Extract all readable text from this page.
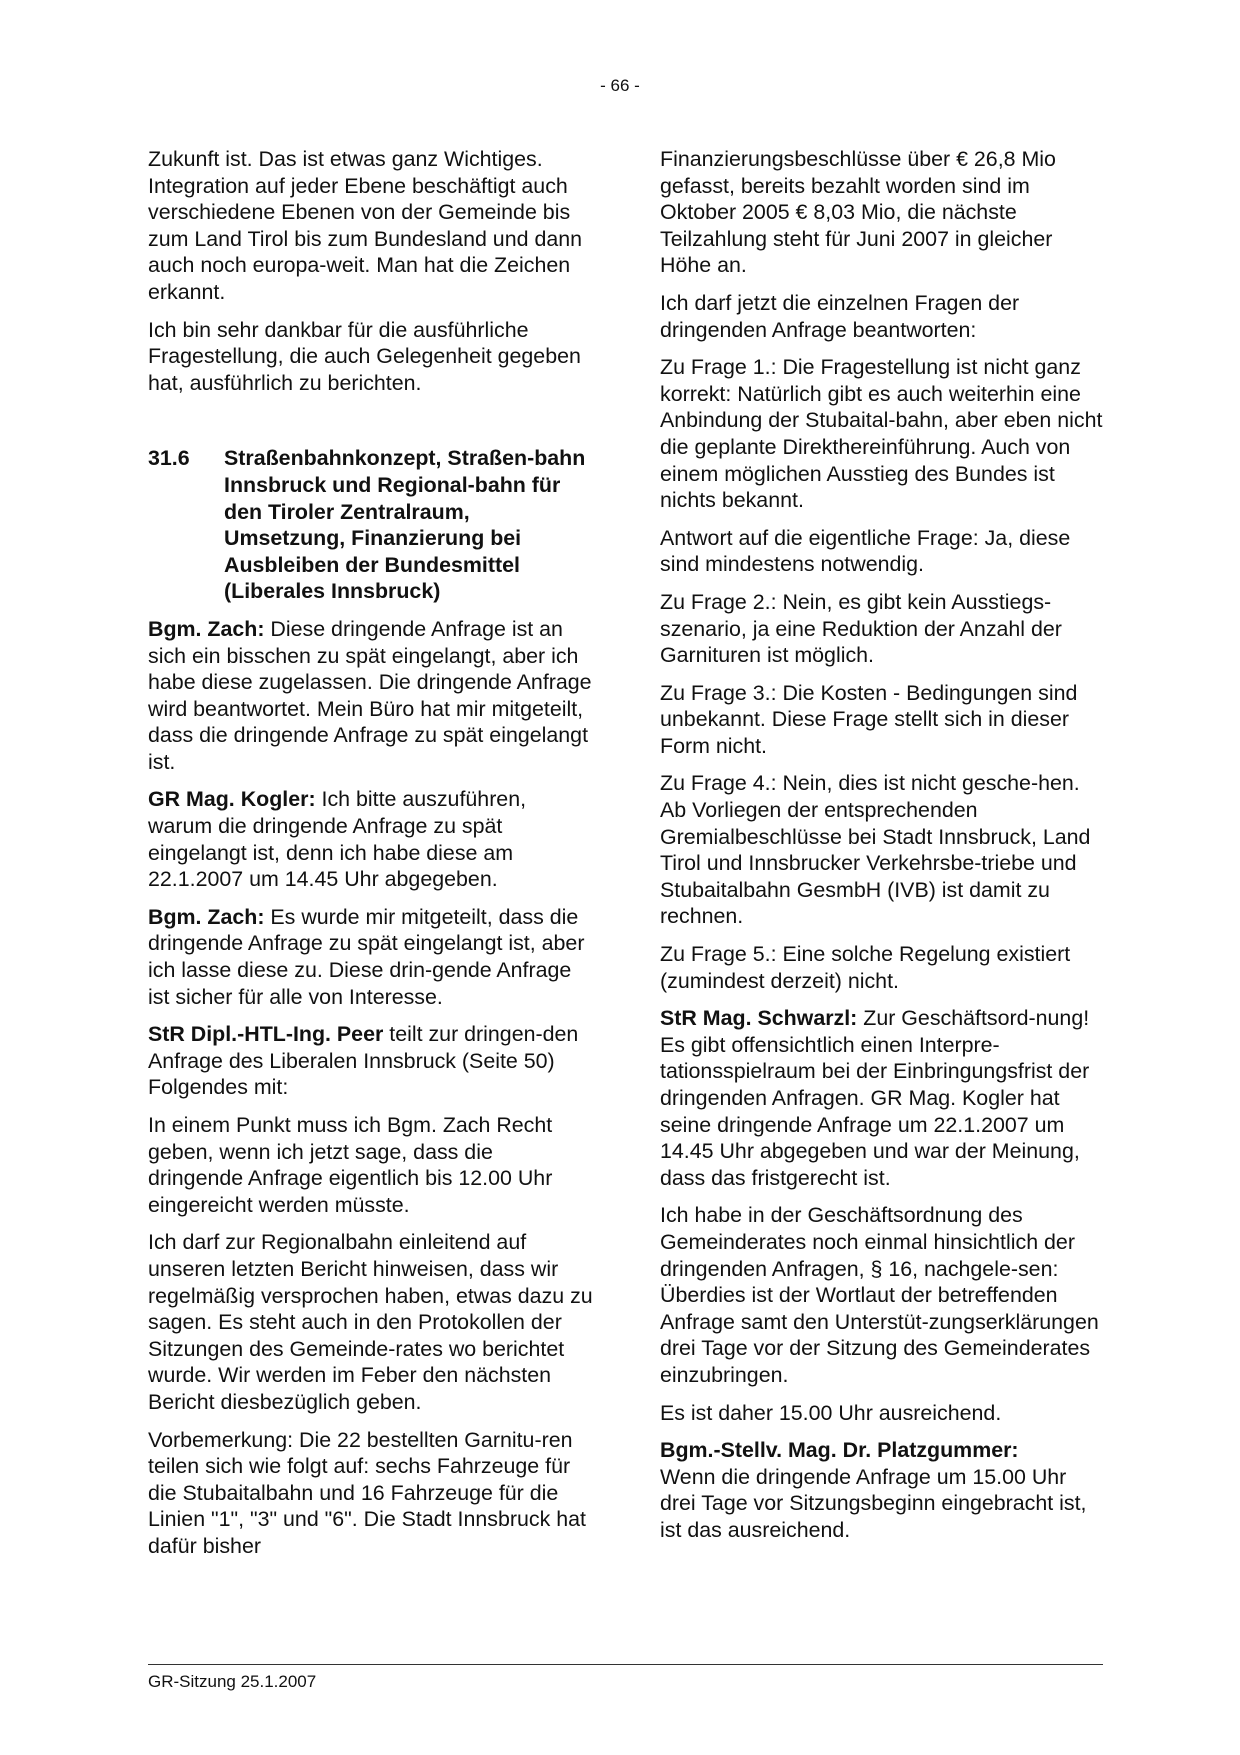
- 66 -

Zukunft ist. Das ist etwas ganz Wichtiges. Integration auf jeder Ebene beschäftigt auch verschiedene Ebenen von der Gemeinde bis zum Land Tirol bis zum Bundesland und dann auch noch europa-weit. Man hat die Zeichen erkannt.

Ich bin sehr dankbar für die ausführliche Fragestellung, die auch Gelegenheit gegeben hat, ausführlich zu berichten.

31.6	Straßenbahnkonzept, Straßen-bahn Innsbruck und Regional-bahn für den Tiroler Zentralraum, Umsetzung, Finanzierung bei Ausbleiben der Bundesmittel (Liberales Innsbruck)

Bgm. Zach: Diese dringende Anfrage ist an sich ein bisschen zu spät eingelangt, aber ich habe diese zugelassen. Die dringende Anfrage wird beantwortet. Mein Büro hat mir mitgeteilt, dass die dringende Anfrage zu spät eingelangt ist.

GR Mag. Kogler: Ich bitte auszuführen, warum die dringende Anfrage zu spät eingelangt ist, denn ich habe diese am 22.1.2007 um 14.45 Uhr abgegeben.

Bgm. Zach: Es wurde mir mitgeteilt, dass die dringende Anfrage zu spät eingelangt ist, aber ich lasse diese zu. Diese drin-gende Anfrage ist sicher für alle von Interesse.

StR Dipl.-HTL-Ing. Peer teilt zur dringen-den Anfrage des Liberalen Innsbruck (Seite 50) Folgendes mit:

In einem Punkt muss ich Bgm. Zach Recht geben, wenn ich jetzt sage, dass die dringende Anfrage eigentlich bis 12.00 Uhr eingereicht werden müsste.

Ich darf zur Regionalbahn einleitend auf unseren letzten Bericht hinweisen, dass wir regelmäßig versprochen haben, etwas dazu zu sagen. Es steht auch in den Protokollen der Sitzungen des Gemeinde-rates wo berichtet wurde. Wir werden im Feber den nächsten Bericht diesbezüglich geben.

Vorbemerkung: Die 22 bestellten Garnitu-ren teilen sich wie folgt auf: sechs Fahrzeuge für die Stubaitalbahn und 16 Fahrzeuge für die Linien "1", "3" und "6". Die Stadt Innsbruck hat dafür bisher

Finanzierungsbeschlüsse über € 26,8 Mio gefasst, bereits bezahlt worden sind im Oktober 2005 € 8,03 Mio, die nächste Teilzahlung steht für Juni 2007 in gleicher Höhe an.

Ich darf jetzt die einzelnen Fragen der dringenden Anfrage beantworten:

Zu Frage 1.: Die Fragestellung ist nicht ganz korrekt: Natürlich gibt es auch weiterhin eine Anbindung der Stubaital-bahn, aber eben nicht die geplante Direkthereinführung. Auch von einem möglichen Ausstieg des Bundes ist nichts bekannt.

Antwort auf die eigentliche Frage: Ja, diese sind mindestens notwendig.

Zu Frage 2.: Nein, es gibt kein Ausstiegs-szenario, ja eine Reduktion der Anzahl der Garnituren ist möglich.

Zu Frage 3.: Die Kosten - Bedingungen sind unbekannt. Diese Frage stellt sich in dieser Form nicht.

Zu Frage 4.: Nein, dies ist nicht gesche-hen. Ab Vorliegen der entsprechenden Gremialbeschlüsse bei Stadt Innsbruck, Land Tirol und Innsbrucker Verkehrsbe-triebe und Stubaitalbahn GesmbH (IVB) ist damit zu rechnen.

Zu Frage 5.: Eine solche Regelung existiert (zumindest derzeit) nicht.

StR Mag. Schwarzl: Zur Geschäftsord-nung! Es gibt offensichtlich einen Interpre-tationsspielraum bei der Einbringungsfrist der dringenden Anfragen. GR Mag. Kogler hat seine dringende Anfrage um 22.1.2007 um 14.45 Uhr abgegeben und war der Meinung, dass das fristgerecht ist.

Ich habe in der Geschäftsordnung des Gemeinderates noch einmal hinsichtlich der dringenden Anfragen, § 16, nachgele-sen: Überdies ist der Wortlaut der betreffenden Anfrage samt den Unterstüt-zungserklärungen drei Tage vor der Sitzung des Gemeinderates einzubringen.

Es ist daher 15.00 Uhr ausreichend.

Bgm.-Stellv. Mag. Dr. Platzgummer:
Wenn die dringende Anfrage um 15.00 Uhr drei Tage vor Sitzungsbeginn eingebracht ist, ist das ausreichend.

GR-Sitzung 25.1.2007
